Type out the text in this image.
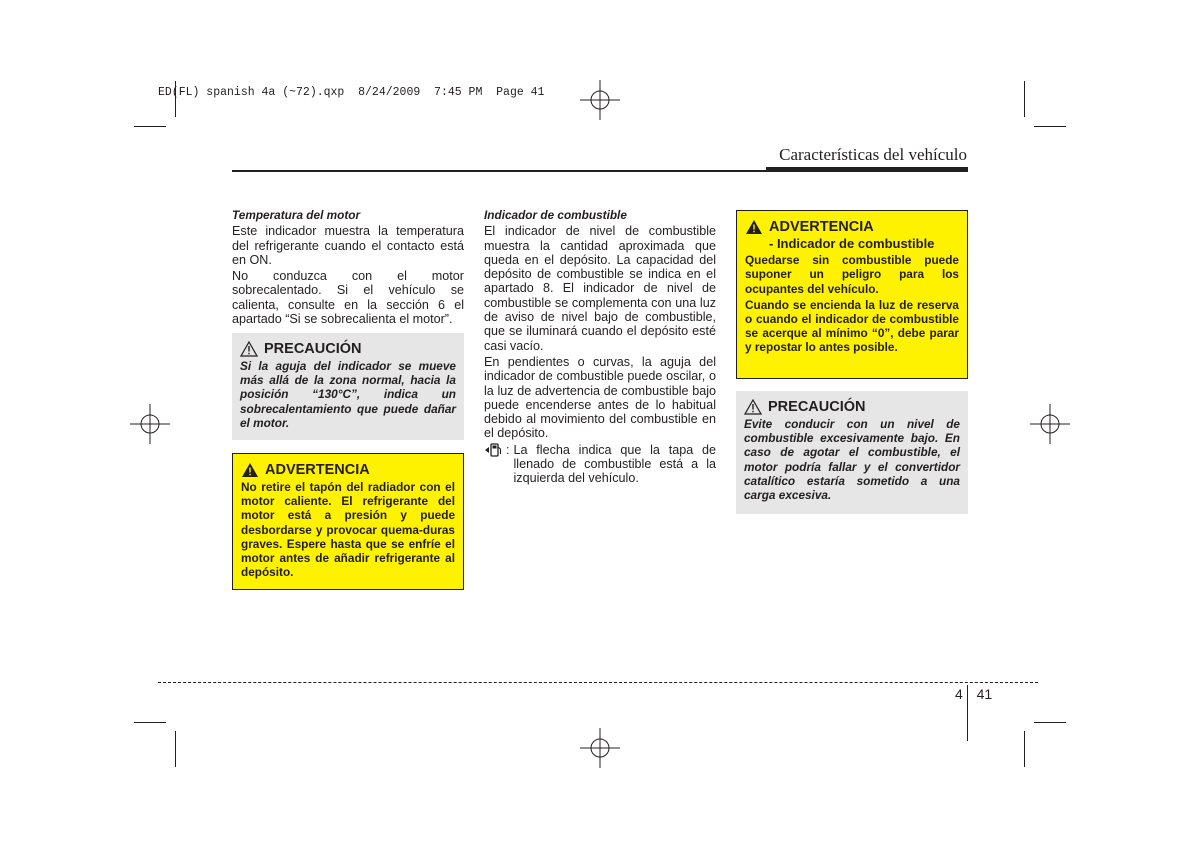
ED(FL) spanish 4a (~72).qxp  8/24/2009  7:45 PM  Page 41
Características del vehículo

Temperatura del motor

Este indicador muestra la temperatura del refrigerante cuando el contacto está en ON.

No conduzca con el motor sobrecalentado. Si el vehículo se calienta, consulte en la sección 6 el apartado “Si se sobrecalienta el motor”.

PRECAUCIÓN
Si la aguja del indicador se mueve más allá de la zona normal, hacia la posición “130°C”, indica un sobrecalentamiento que puede dañar el motor.
ADVERTENCIA
No retire el tapón del radiador con el motor caliente. El refrigerante del motor está a presión y puede desbordarse y provocar quema-duras graves. Espere hasta que se enfríe el motor antes de añadir refrigerante al depósito.

Indicador de combustible

El indicador de nivel de combustible muestra la cantidad aproximada que queda en el depósito. La capacidad del depósito de combustible se indica en el apartado 8. El indicador de nivel de combustible se complementa con una luz de aviso de nivel bajo de combustible, que se iluminará cuando el depósito esté casi vacío.

En pendientes o curvas, la aguja del indicador de combustible puede oscilar, o la luz de advertencia de combustible bajo puede encenderse antes de lo habitual debido al movimiento del combustible en el depósito.

: La flecha indica que la tapa de llenado de combustible está a la izquierda del vehículo.
ADVERTENCIA
- Indicador de combustible

Quedarse sin combustible puede suponer un peligro para los ocupantes del vehículo.

Cuando se encienda la luz de reserva o cuando el indicador de combustible se acerque al mínimo “0”, debe parar y repostar lo antes posible.

PRECAUCIÓN
Evite conducir con un nivel de combustible excesivamente bajo. En caso de agotar el combustible, el motor podría fallar y el convertidor catalítico estaría sometido a una carga excesiva.
4 41
